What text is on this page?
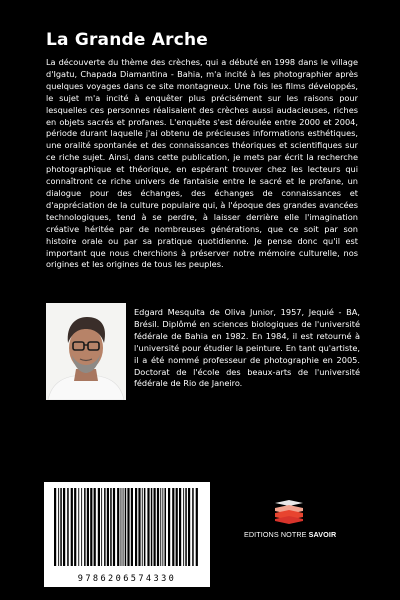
La Grande Arche

La découverte du thème des crèches, qui a débuté en 1998 dans le village d'Igatu, Chapada Diamantina - Bahia, m'a incité à les photographier après quelques voyages dans ce site montagneux. Une fois les films développés, le sujet m'a incité à enquêter plus précisément sur les raisons pour lesquelles ces personnes réalisaient des crèches aussi audacieuses, riches en objets sacrés et profanes. L'enquête s'est déroulée entre 2000 et 2004, période durant laquelle j'ai obtenu de précieuses informations esthétiques, une oralité spontanée et des connaissances théoriques et scientifiques sur ce riche sujet. Ainsi, dans cette publication, je mets par écrit la recherche photographique et théorique, en espérant trouver chez les lecteurs qui connaîtront ce riche univers de fantaisie entre le sacré et le profane, un dialogue pour des échanges, des échanges de connaissances et d'appréciation de la culture populaire qui, à l'époque des grandes avancées technologiques, tend à se perdre, à laisser derrière elle l'imagination créative héritée par de nombreuses générations, que ce soit par son histoire orale ou par sa pratique quotidienne. Je pense donc qu'il est important que nous cherchions à préserver notre mémoire culturelle, nos origines et les origines de tous les peuples.

Edgard Mesquita de Oliva Junior, 1957, Jequié - BA, Brésil. Diplômé en sciences biologiques de l'université fédérale de Bahia en 1982. En 1984, il est retourné à l'université pour étudier la peinture. En tant qu'artiste, il a été nommé professeur de photographie en 2005. Doctorat de l'école des beaux-arts de l'université fédérale de Rio de Janeiro.

9786206574330
EDITIONS NOTRE SAVOIR
